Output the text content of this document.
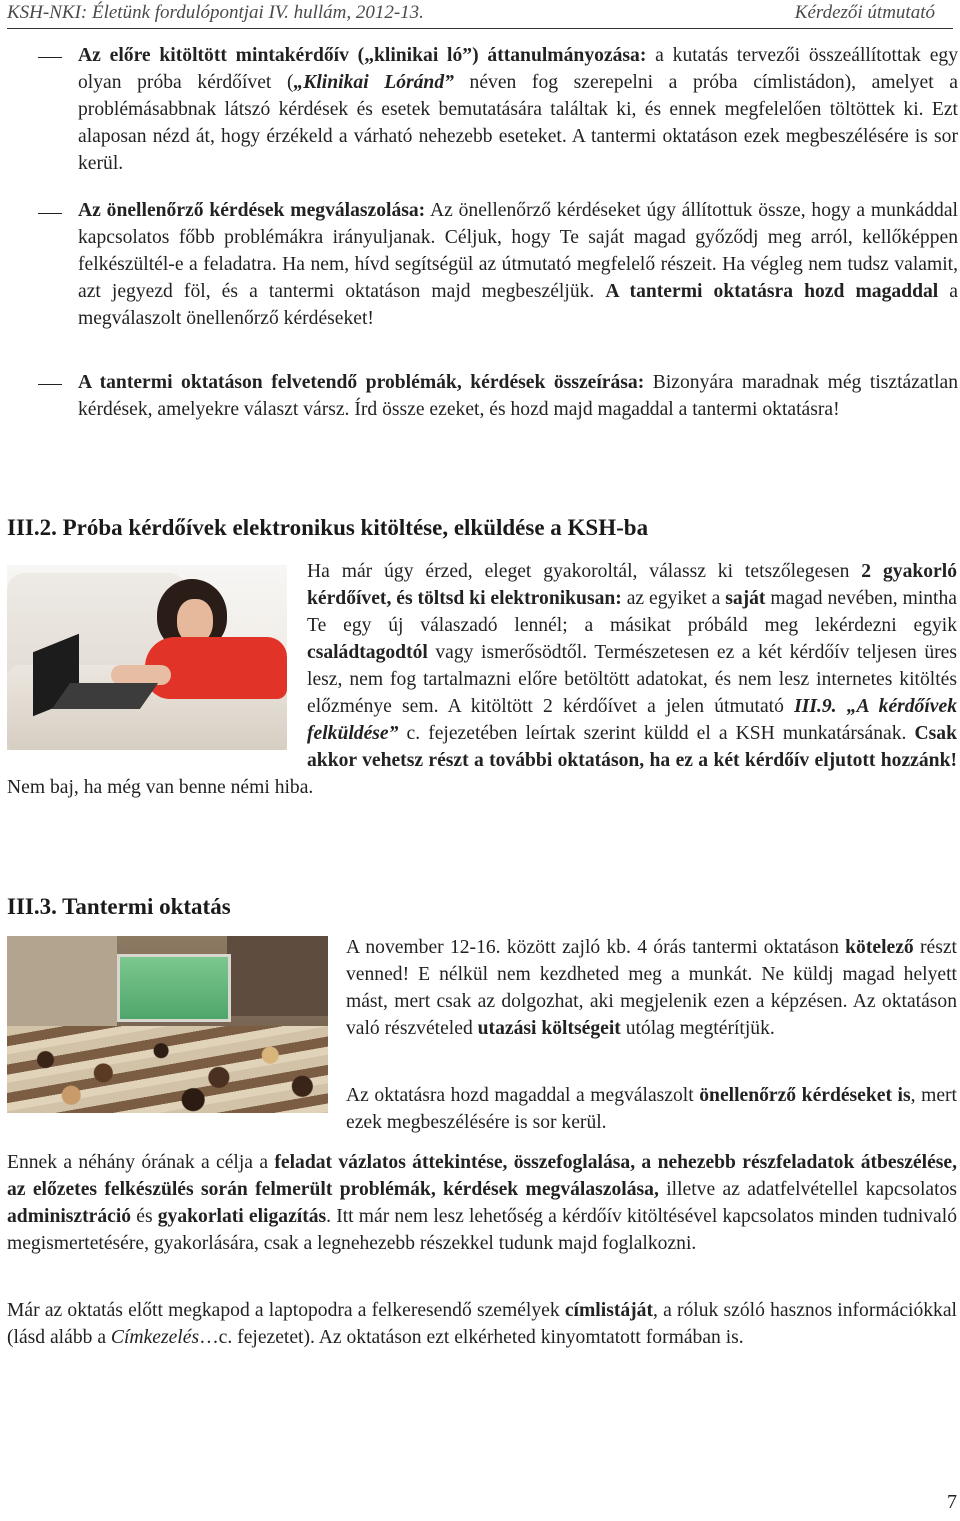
KSH-NKI: Életünk fordulópontjai IV. hullám, 2012-13.	Kérdezői útmutató
Az előre kitöltött mintakérdőív („klinikai ló”) áttanulmányozása: a kutatás tervezői összeállítottak egy olyan próba kérdőívet („Klinikai Lóránd” néven fog szerepelni a próba címlistádon), amelyet a problémásabbnak látszó kérdések és esetek bemutatására találtak ki, és ennek megfelelően töltöttek ki. Ezt alaposan nézd át, hogy érzékeld a várható nehezebb eseteket. A tantermi oktatáson ezek megbeszélésére is sor kerül.
Az önellenőrző kérdések megválaszolása: Az önellenőrző kérdéseket úgy állítottuk össze, hogy a munkáddal kapcsolatos főbb problémákra irányuljanak. Céljuk, hogy Te saját magad győződj meg arról, kellőképpen felkészültél-e a feladatra. Ha nem, hívd segítségül az útmutató megfelelő részeit. Ha végleg nem tudsz valamit, azt jegyezd föl, és a tantermi oktatáson majd megbeszéljük. A tantermi oktatásra hozd magaddal a megválaszolt önellenőrző kérdéseket!
A tantermi oktatáson felvetendő problémák, kérdések összeírása: Bizonyára maradnak még tisztázatlan kérdések, amelyekre választ vársz. Írd össze ezeket, és hozd majd magaddal a tantermi oktatásra!
III.2. Próba kérdőívek elektronikus kitöltése, elküldése a KSH-ba
Ha már úgy érzed, eleget gyakoroltál, válassz ki tetszőlegesen 2 gyakorló kérdőívet, és töltsd ki elektronikusan: az egyiket a saját magad nevében, mintha Te egy új válaszadó lennél; a másikat próbáld meg lekérdezni egyik családtagodtól vagy ismerősödtől. Természetesen ez a két kérdőív teljesen üres lesz, nem fog tartalmazni előre betöltött adatokat, és nem lesz internetes kitöltés előzménye sem. A kitöltött 2 kérdőívet a jelen útmutató III.9. „A kérdőívek felküldése” c. fejezetében leírtak szerint küldd el a KSH munkatársának. Csak akkor vehetsz részt a további oktatáson, ha ez a két kérdőív eljutott hozzánk! Nem baj, ha még van benne némi hiba.
III.3. Tantermi oktatás
A november 12-16. között zajló kb. 4 órás tantermi oktatáson kötelező részt venned! E nélkül nem kezdheted meg a munkát. Ne küldj magad helyett mást, mert csak az dolgozhat, aki megjelenik ezen a képzésen. Az oktatáson való részvételed utazási költségeit utólag megtérítjük.
Az oktatásra hozd magaddal a megválaszolt önellenőrző kérdéseket is, mert ezek megbeszélésére is sor kerül.
Ennek a néhány órának a célja a feladat vázlatos áttekintése, összefoglalása, a nehezebb részfeladatok átbeszélése, az előzetes felkészülés során felmerült problémák, kérdések megválaszolása, illetve az adatfelvétellel kapcsolatos adminisztráció és gyakorlati eligazítás. Itt már nem lesz lehetőség a kérdőív kitöltésével kapcsolatos minden tudnivaló megismertetésére, gyakorlására, csak a legnehezebb részekkel tudunk majd foglalkozni.
Már az oktatás előtt megkapod a laptopodra a felkeresendő személyek címlistáját, a róluk szóló hasznos információkkal (lásd alább a Címkezelés…c. fejezetet). Az oktatáson ezt elkérheted kinyomtatott formában is.
7
